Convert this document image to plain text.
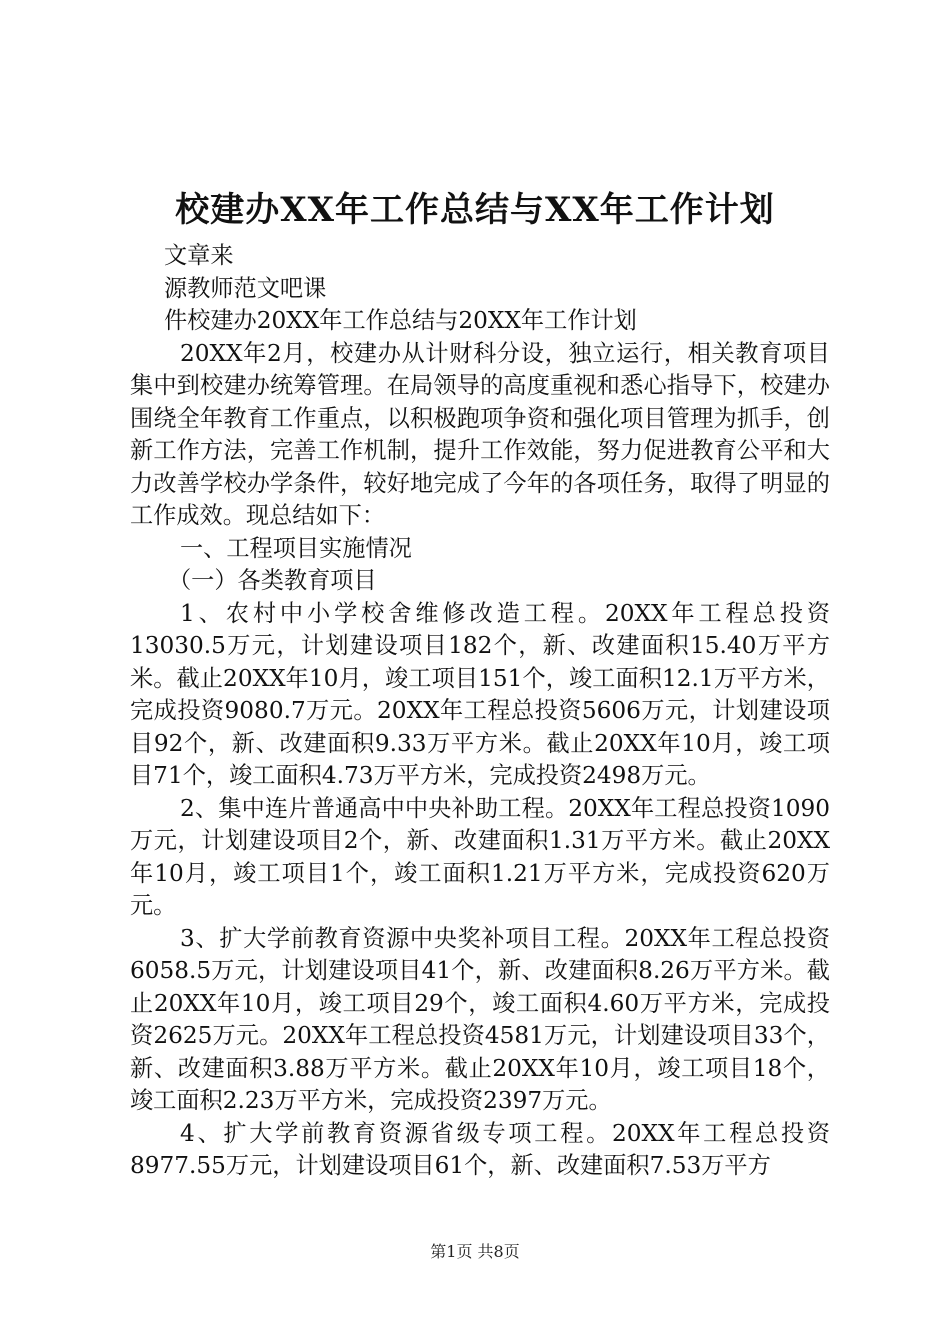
校建办XX年工作总结与XX年工作计划

文章来

源教师范文吧课

件校建办20XX年工作总结与20XX年工作计划

20XX年2月，校建办从计财科分设，独立运行，相关教育项目集中到校建办统筹管理。在局领导的高度重视和悉心指导下，校建办围绕全年教育工作重点，以积极跑项争资和强化项目管理为抓手，创新工作方法，完善工作机制，提升工作效能，努力促进教育公平和大力改善学校办学条件，较好地完成了今年的各项任务，取得了明显的工作成效。现总结如下：

一、工程项目实施情况

（一）各类教育项目

1、农村中小学校舍维修改造工程。20XX年工程总投资13030.5万元，计划建设项目182个，新、改建面积15.40万平方米。截止20XX年10月，竣工项目151个，竣工面积12.1万平方米，完成投资9080.7万元。20XX年工程总投资5606万元，计划建设项目92个，新、改建面积9.33万平方米。截止20XX年10月，竣工项目71个，竣工面积4.73万平方米，完成投资2498万元。

2、集中连片普通高中中央补助工程。20XX年工程总投资1090万元，计划建设项目2个，新、改建面积1.31万平方米。截止20XX年10月，竣工项目1个，竣工面积1.21万平方米，完成投资620万元。

3、扩大学前教育资源中央奖补项目工程。20XX年工程总投资6058.5万元，计划建设项目41个，新、改建面积8.26万平方米。截止20XX年10月，竣工项目29个，竣工面积4.60万平方米，完成投资2625万元。20XX年工程总投资4581万元，计划建设项目33个，新、改建面积3.88万平方米。截止20XX年10月，竣工项目18个，竣工面积2.23万平方米，完成投资2397万元。

4、扩大学前教育资源省级专项工程。20XX年工程总投资8977.55万元，计划建设项目61个，新、改建面积7.53万平方

第1页 共8页
